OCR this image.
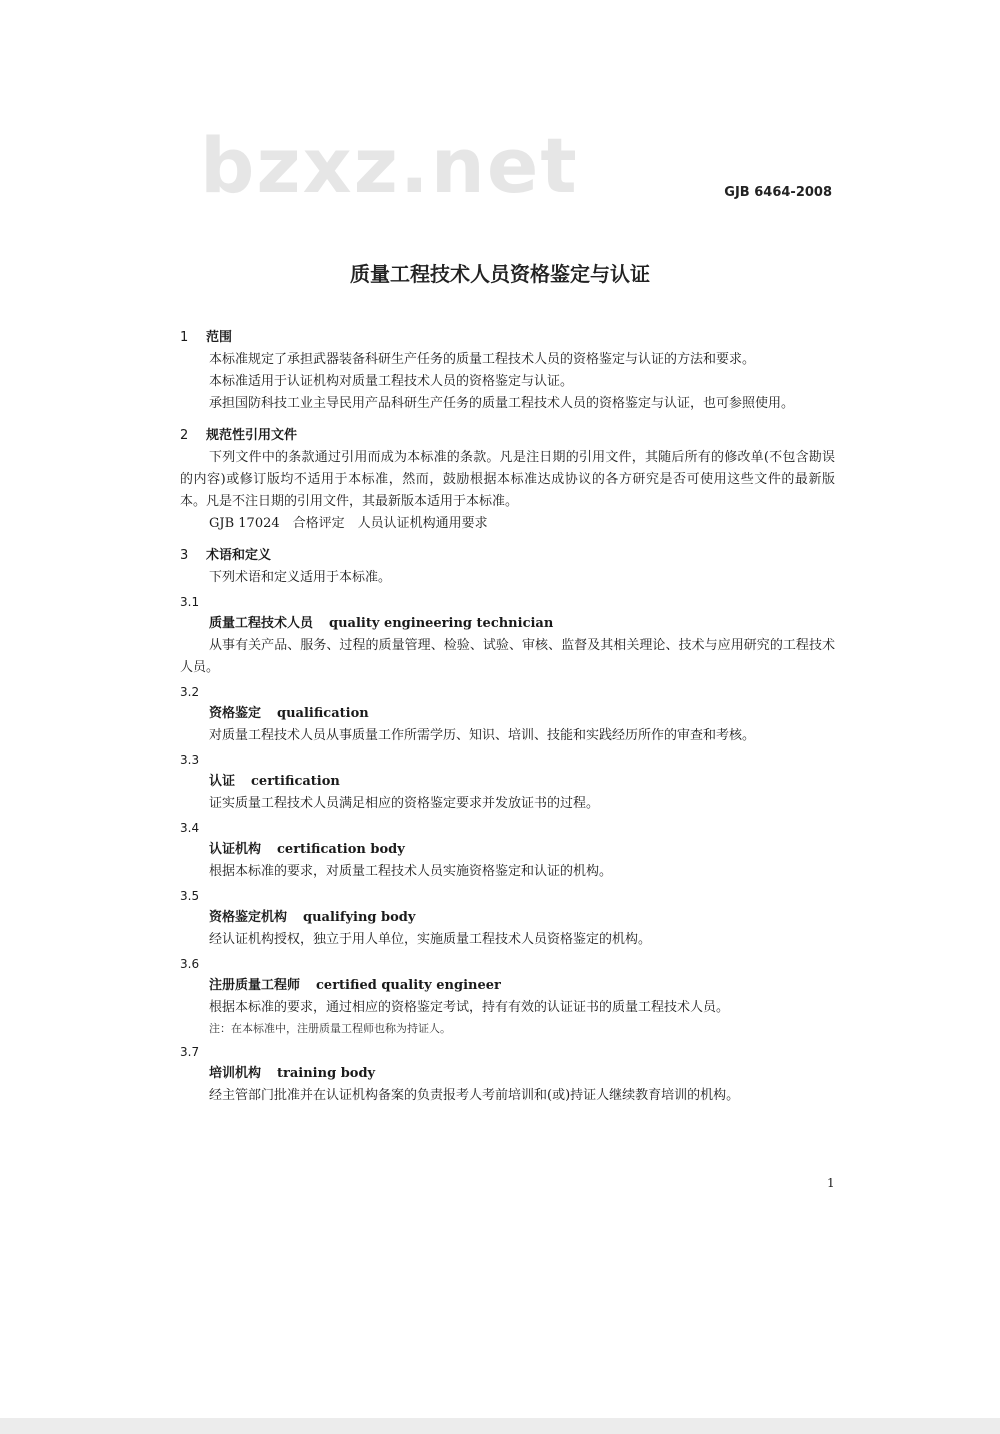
bzxz.net	GJB 6464-2008
质量工程技术人员资格鉴定与认证
1 范围

本标准规定了承担武器装备科研生产任务的质量工程技术人员的资格鉴定与认证的方法和要求。

本标准适用于认证机构对质量工程技术人员的资格鉴定与认证。

承担国防科技工业主导民用产品科研生产任务的质量工程技术人员的资格鉴定与认证，也可参照使用。

2 规范性引用文件

下列文件中的条款通过引用而成为本标准的条款。凡是注日期的引用文件，其随后所有的修改单(不包含勘误的内容)或修订版均不适用于本标准，然而，鼓励根据本标准达成协议的各方研究是否可使用这些文件的最新版本。凡是不注日期的引用文件，其最新版本适用于本标准。

GJB 17024　合格评定　人员认证机构通用要求

3 术语和定义

下列术语和定义适用于本标准。

3.1
质量工程技术人员 quality engineering technician

从事有关产品、服务、过程的质量管理、检验、试验、审核、监督及其相关理论、技术与应用研究的工程技术人员。

3.2
资格鉴定 qualification

对质量工程技术人员从事质量工作所需学历、知识、培训、技能和实践经历所作的审查和考核。

3.3
认证 certification

证实质量工程技术人员满足相应的资格鉴定要求并发放证书的过程。

3.4
认证机构 certification body

根据本标准的要求，对质量工程技术人员实施资格鉴定和认证的机构。

3.5
资格鉴定机构 qualifying body

经认证机构授权，独立于用人单位，实施质量工程技术人员资格鉴定的机构。

3.6
注册质量工程师 certified quality engineer

根据本标准的要求，通过相应的资格鉴定考试，持有有效的认证证书的质量工程技术人员。

注：在本标准中，注册质量工程师也称为持证人。
3.7
培训机构 training body

经主管部门批准并在认证机构备案的负责报考人考前培训和(或)持证人继续教育培训的机构。

1
